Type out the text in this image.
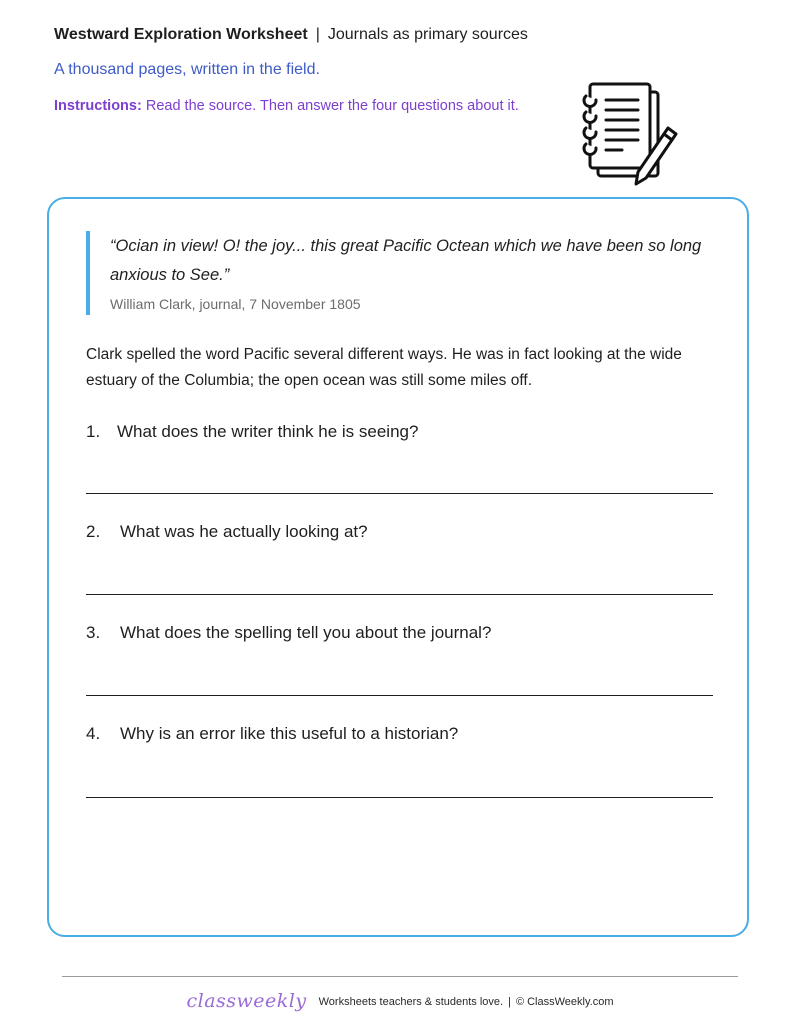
Westward Exploration Worksheet | Journals as primary sources
A thousand pages, written in the field.
Instructions: Read the source. Then answer the four questions about it.
“Ocian in view! O! the joy... this great Pacific Octean which we have been so long anxious to See.”
William Clark, journal, 7 November 1805
Clark spelled the word Pacific several different ways. He was in fact looking at the wide estuary of the Columbia; the open ocean was still some miles off.
1. What does the writer think he is seeing?
2. What was he actually looking at?
3. What does the spelling tell you about the journal?
4. Why is an error like this useful to a historian?
classweekly Worksheets teachers & students love. | © ClassWeekly.com
